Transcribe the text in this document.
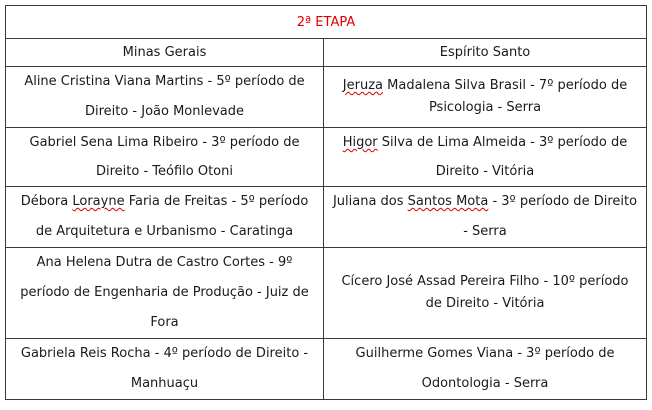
2ª ETAPA	
Minas Gerais	Espírito Santo

Aline Cristina Viana Martins - 5º período de Direito - João Monlevade	Jeruza Madalena Silva Brasil - 7º período de Psicologia - Serra

Gabriel Sena Lima Ribeiro - 3º período de Direito - Teófilo Otoni	Higor Silva de Lima Almeida - 3º período de Direito - Vitória

Débora Lorayne Faria de Freitas - 5º período de Arquitetura e Urbanismo - Caratinga	Juliana dos Santos Mota - 3º período de Direito - Serra

Ana Helena Dutra de Castro Cortes - 9º período de Engenharia de Produção - Juiz de Fora	Cícero José Assad Pereira Filho - 10º período de Direito - Vitória

Gabriela Reis Rocha - 4º período de Direito - Manhuaçu	Guilherme Gomes Viana - 3º período de Odontologia - Serra
